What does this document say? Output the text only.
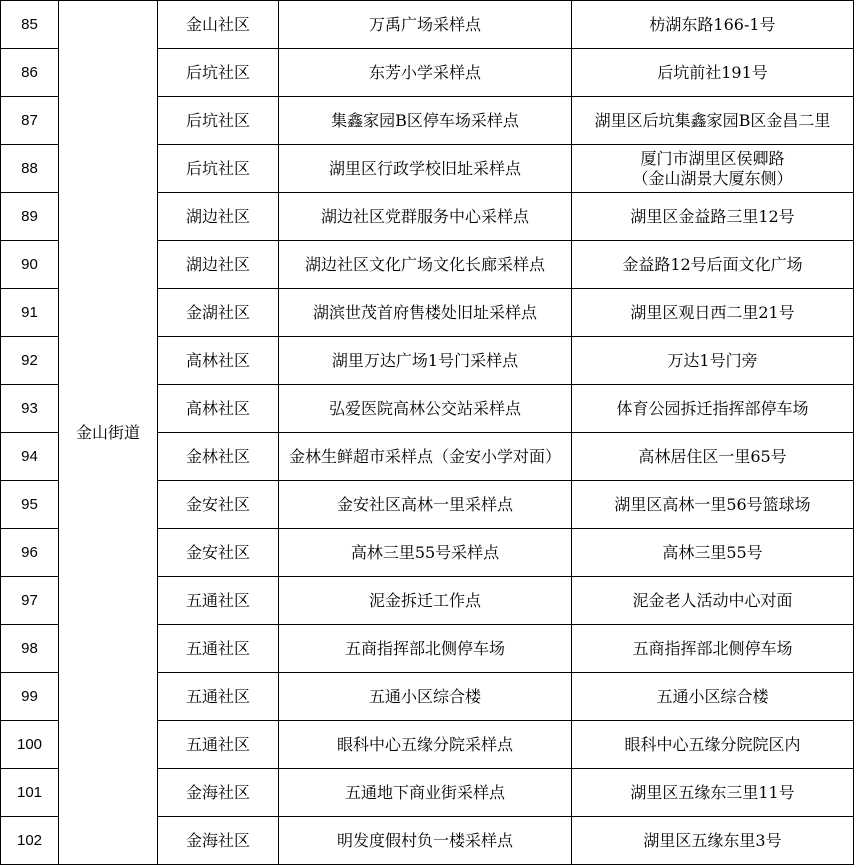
85	金山街道	金山社区	万禹广场采样点	枋湖东路166-1号
86		后坑社区	东芳小学采样点	后坑前社191号
87		后坑社区	集鑫家园B区停车场采样点	湖里区后坑集鑫家园B区金昌二里
88		后坑社区	湖里区行政学校旧址采样点	厦门市湖里区侯卿路
（金山湖景大厦东侧）
89		湖边社区	湖边社区党群服务中心采样点	湖里区金益路三里12号
90		湖边社区	湖边社区文化广场文化长廊采样点	金益路12号后面文化广场
91		金湖社区	湖滨世茂首府售楼处旧址采样点	湖里区观日西二里21号
92		高林社区	湖里万达广场1号门采样点	万达1号门旁
93		高林社区	弘爱医院高林公交站采样点	体育公园拆迁指挥部停车场
94		金林社区	金林生鲜超市采样点（金安小学对面）	高林居住区一里65号
95		金安社区	金安社区高林一里采样点	湖里区高林一里56号篮球场
96		金安社区	高林三里55号采样点	高林三里55号
97		五通社区	泥金拆迁工作点	泥金老人活动中心对面
98		五通社区	五商指挥部北侧停车场	五商指挥部北侧停车场
99		五通社区	五通小区综合楼	五通小区综合楼
100		五通社区	眼科中心五缘分院采样点	眼科中心五缘分院院区内
101		金海社区	五通地下商业街采样点	湖里区五缘东三里11号
102		金海社区	明发度假村负一楼采样点	湖里区五缘东里3号
